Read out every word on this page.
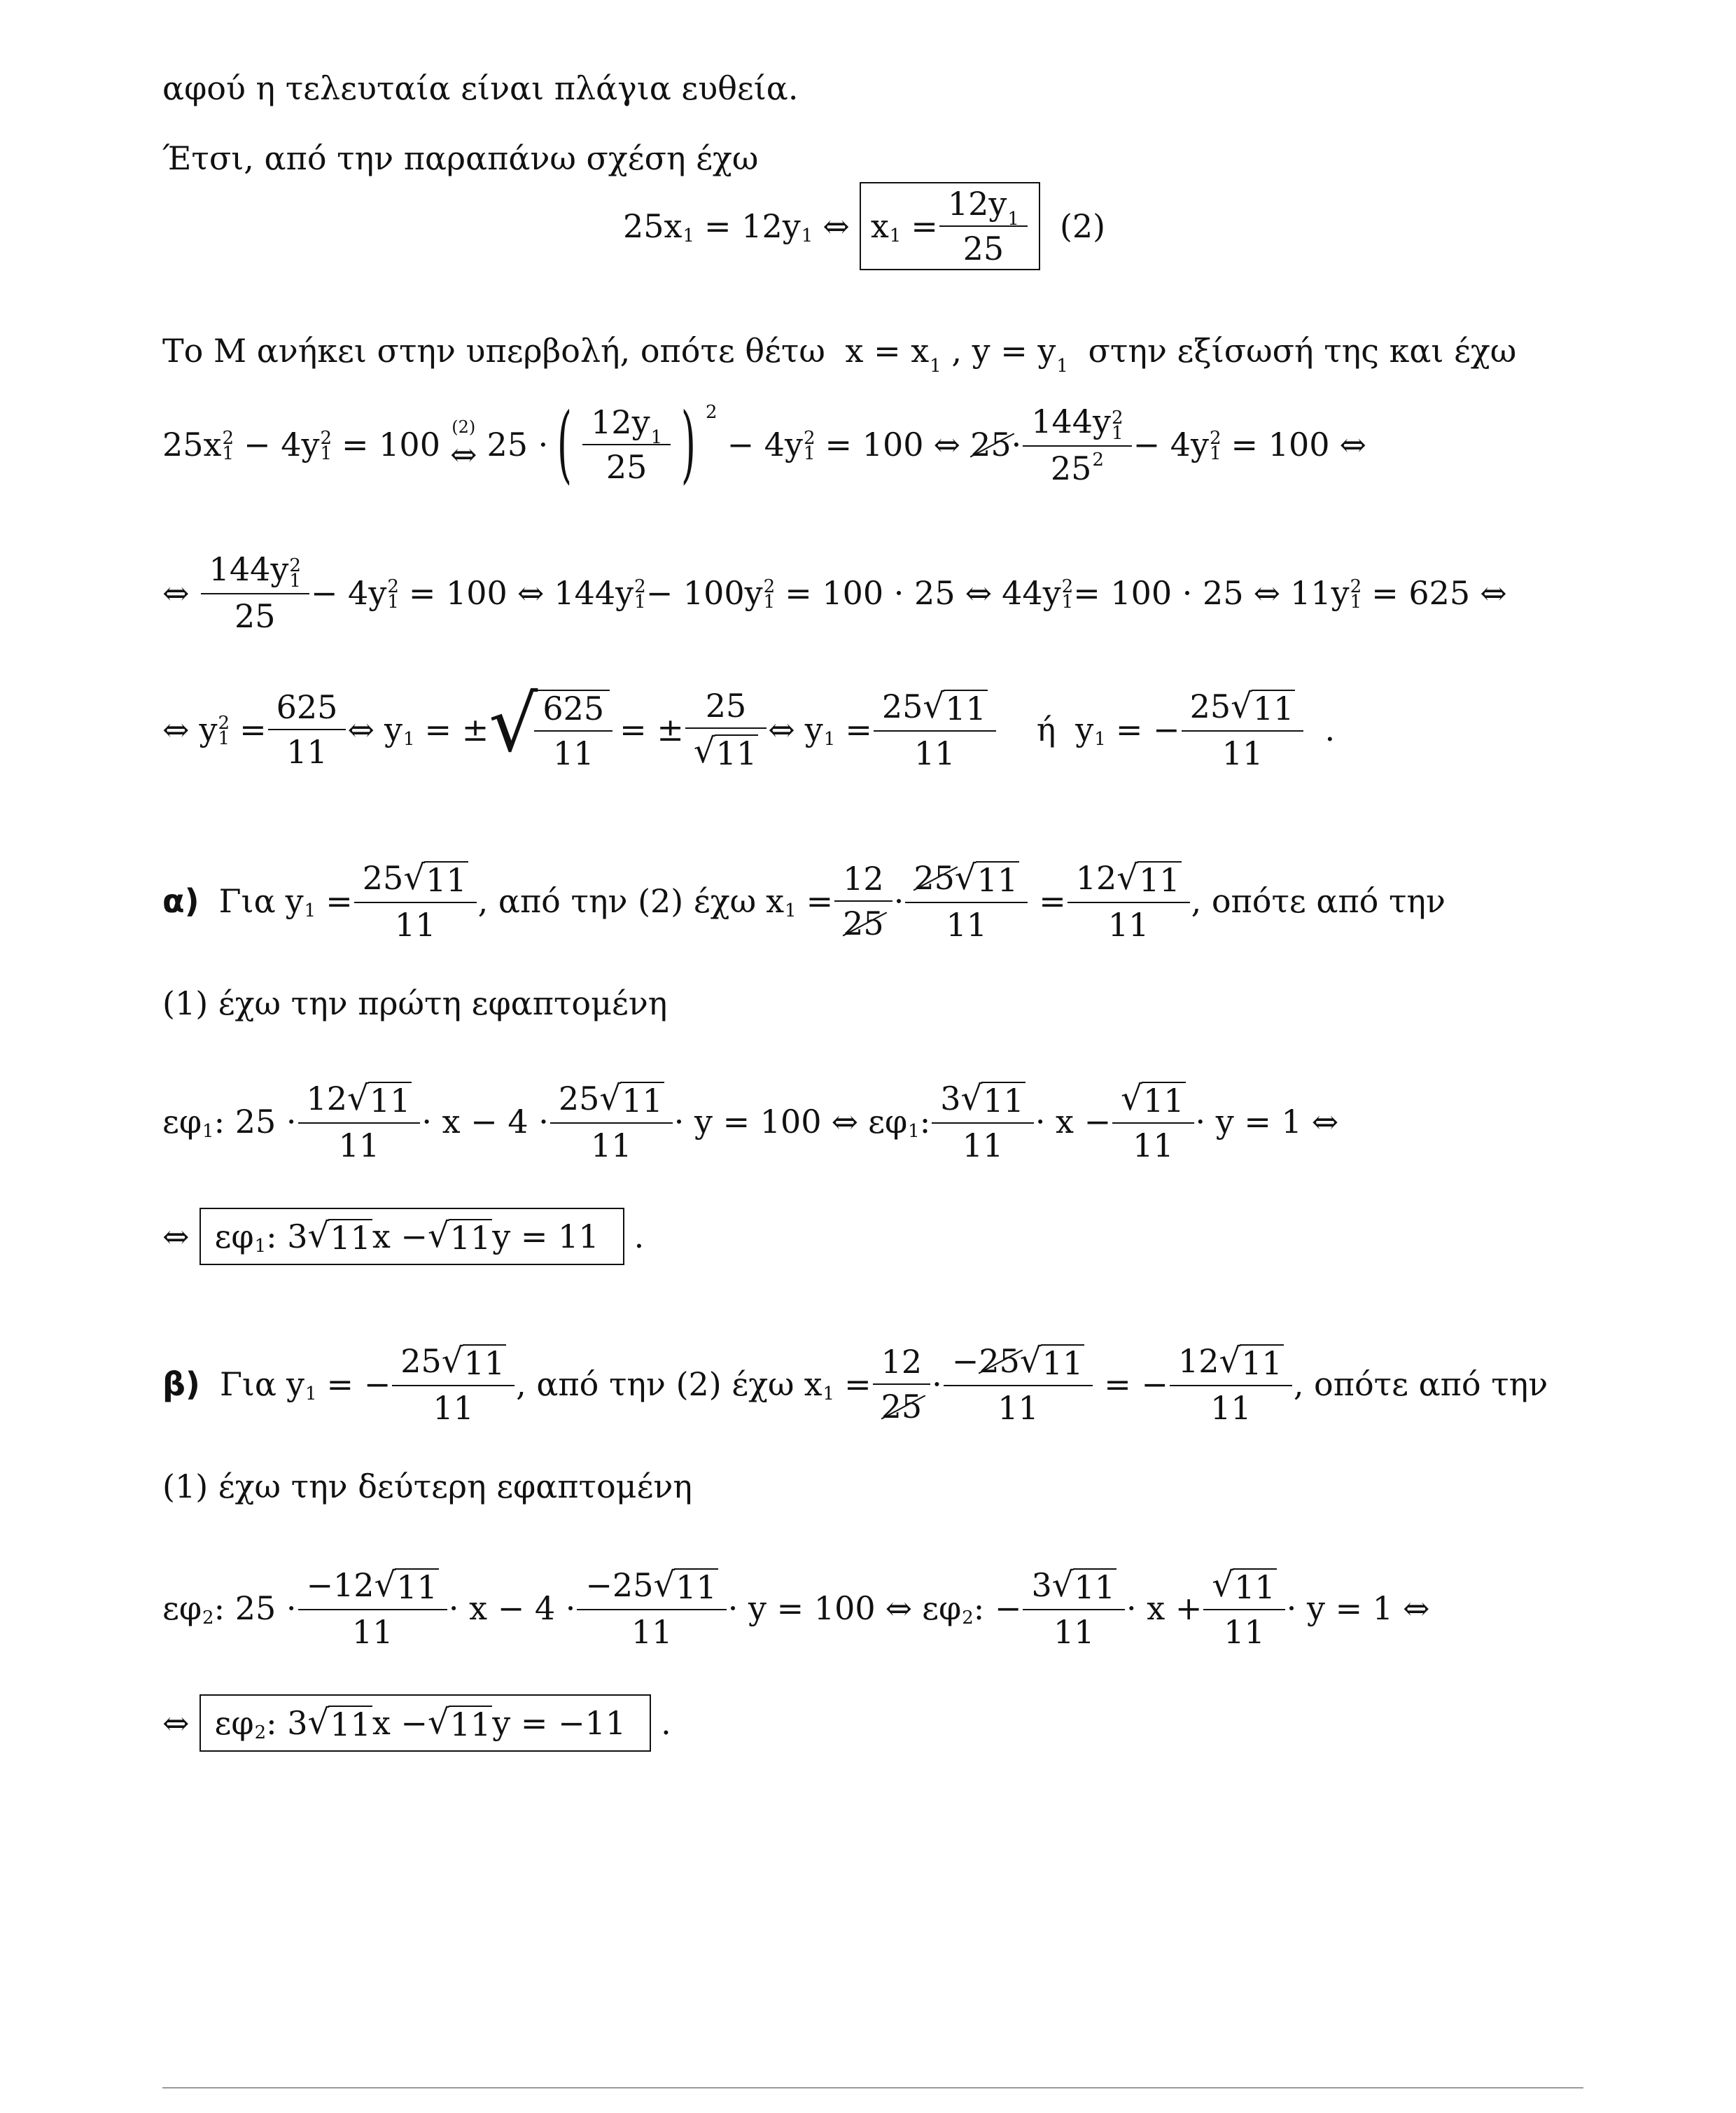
αφού η τελευταία είναι πλάγια ευθεία.
Έτσι, από την παραπάνω σχέση έχω
25x 1 = 12y 1 ⇔ x 1 =
$12y_1$
25
(2)
Το Μ ανήκει στην υπερβολή, οπότε θέτω $x = x_1$ , $y = y_1$ στην εξίσωσή της και έχω
25x 2
1 − 4y 2
1 = 100 (2)
⇔ 25 · ( $12y_1$
25 ) 2
− 4y 2
1 = 100 ⇔ 25 ·
144y 2
1
$25^2 - 4y$ 2
1 = 100 ⇔
⇔
144y 2
1
25
− 4y 2
1 = 100 ⇔ 144y 2
1 − 100y 2
1 = 100 · 25 ⇔ 44y 2
1 = 100 · 25 ⇔ 11y 2
1 = 625 ⇔
⇔ y 2
1 =
625
11
⇔ y 1 = ± √ $\frac{625}{11}$ = ±
25
√ 11
⇔ y 1 =
25 √ 11
11
ή y 1 = −
25 √ 11
11
.
α) Για y 1 =
25 √ 11
11
, από την (2) έχω x 1 =
12
25
·
25 √ 11
11
=
12 √ 11
11
, οπότε από την
(1) έχω την πρώτη εφαπτομένη
εφ 1 : 25 ·
12 √ 11
11
· x − 4 ·
25 √ 11
11
· y = 100 ⇔ εφ 1 :
3 √ 11
11
· x −
√ 11
11
· y = 1 ⇔
⇔ εφ 1 : 3 √ 11 x − √ 11 y = 11	.
β) Για y 1 = −
25 √ 11
11
, από την (2) έχω x 1 =
12
25
·
−25 √ 11
11
= −
12 √ 11
11
, οπότε από την
(1) έχω την δεύτερη εφαπτομένη
εφ 2 : 25 ·
−12 √ 11
11
· x − 4 ·
−25 √ 11
11
· y = 100 ⇔ εφ 2 : −
3 √ 11
11
· x +
√ 11
11
· y = 1 ⇔
⇔ εφ 2 : 3 √ 11 x − √ 11 y = −11	.
